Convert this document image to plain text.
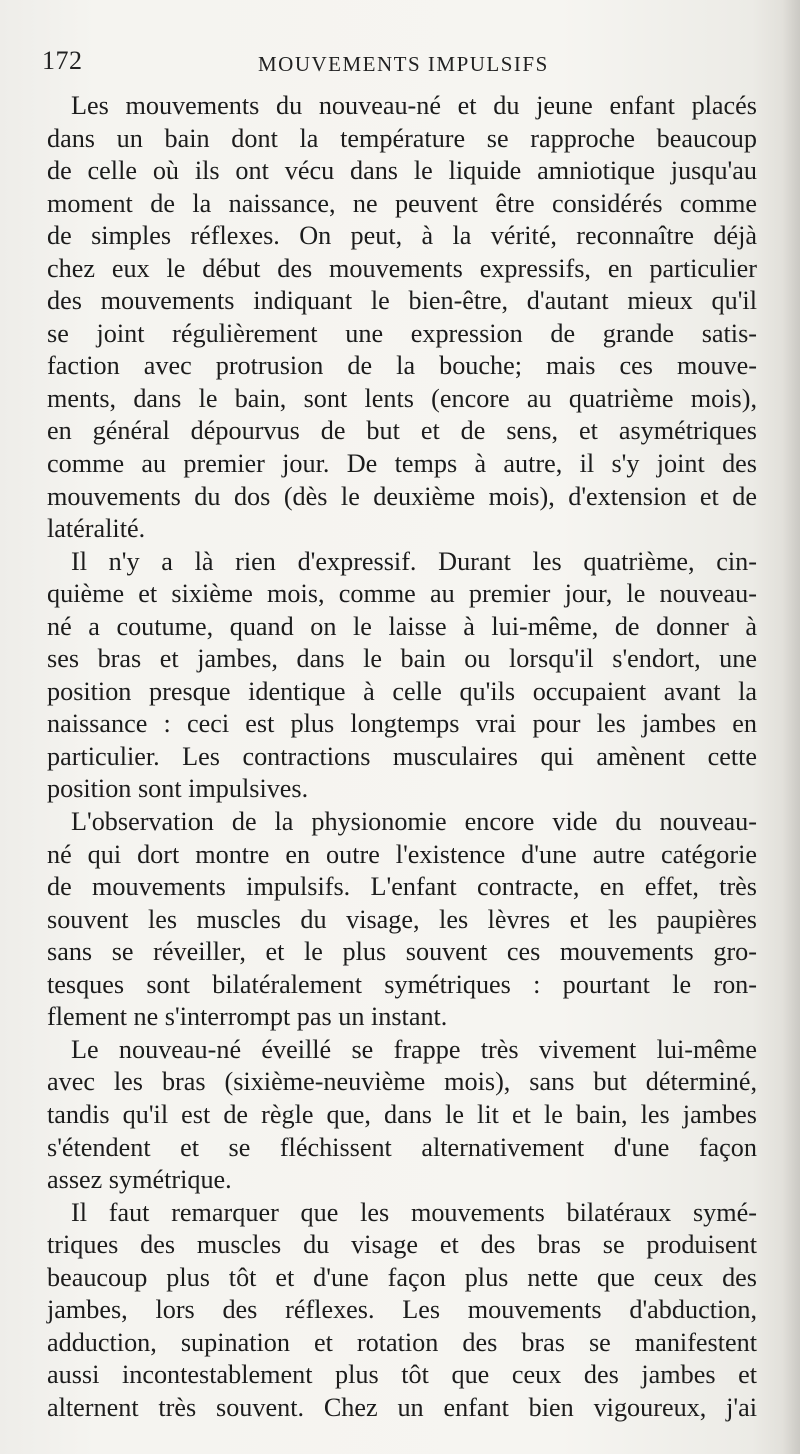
172	MOUVEMENTS IMPULSIFS
Les mouvements du nouveau-né et du jeune enfant placés
dans un bain dont la température se rapproche beaucoup
de celle où ils ont vécu dans le liquide amniotique jusqu'au
moment de la naissance, ne peuvent être considérés comme
de simples réflexes. On peut, à la vérité, reconnaître déjà
chez eux le début des mouvements expressifs, en particulier
des mouvements indiquant le bien-être, d'autant mieux qu'il
se joint régulièrement une expression de grande satis-
faction avec protrusion de la bouche; mais ces mouve-
ments, dans le bain, sont lents (encore au quatrième mois),
en général dépourvus de but et de sens, et asymétriques
comme au premier jour. De temps à autre, il s'y joint des
mouvements du dos (dès le deuxième mois), d'extension et de
latéralité.
Il n'y a là rien d'expressif. Durant les quatrième, cin-
quième et sixième mois, comme au premier jour, le nouveau-
né a coutume, quand on le laisse à lui-même, de donner à
ses bras et jambes, dans le bain ou lorsqu'il s'endort, une
position presque identique à celle qu'ils occupaient avant la
naissance : ceci est plus longtemps vrai pour les jambes en
particulier. Les contractions musculaires qui amènent cette
position sont impulsives.
L'observation de la physionomie encore vide du nouveau-
né qui dort montre en outre l'existence d'une autre catégorie
de mouvements impulsifs. L'enfant contracte, en effet, très
souvent les muscles du visage, les lèvres et les paupières
sans se réveiller, et le plus souvent ces mouvements gro-
tesques sont bilatéralement symétriques : pourtant le ron-
flement ne s'interrompt pas un instant.
Le nouveau-né éveillé se frappe très vivement lui-même
avec les bras (sixième-neuvième mois), sans but déterminé,
tandis qu'il est de règle que, dans le lit et le bain, les jambes
s'étendent et se fléchissent alternativement d'une façon
assez symétrique.
Il faut remarquer que les mouvements bilatéraux symé-
triques des muscles du visage et des bras se produisent
beaucoup plus tôt et d'une façon plus nette que ceux des
jambes, lors des réflexes. Les mouvements d'abduction,
adduction, supination et rotation des bras se manifestent
aussi incontestablement plus tôt que ceux des jambes et
alternent très souvent. Chez un enfant bien vigoureux, j'ai
